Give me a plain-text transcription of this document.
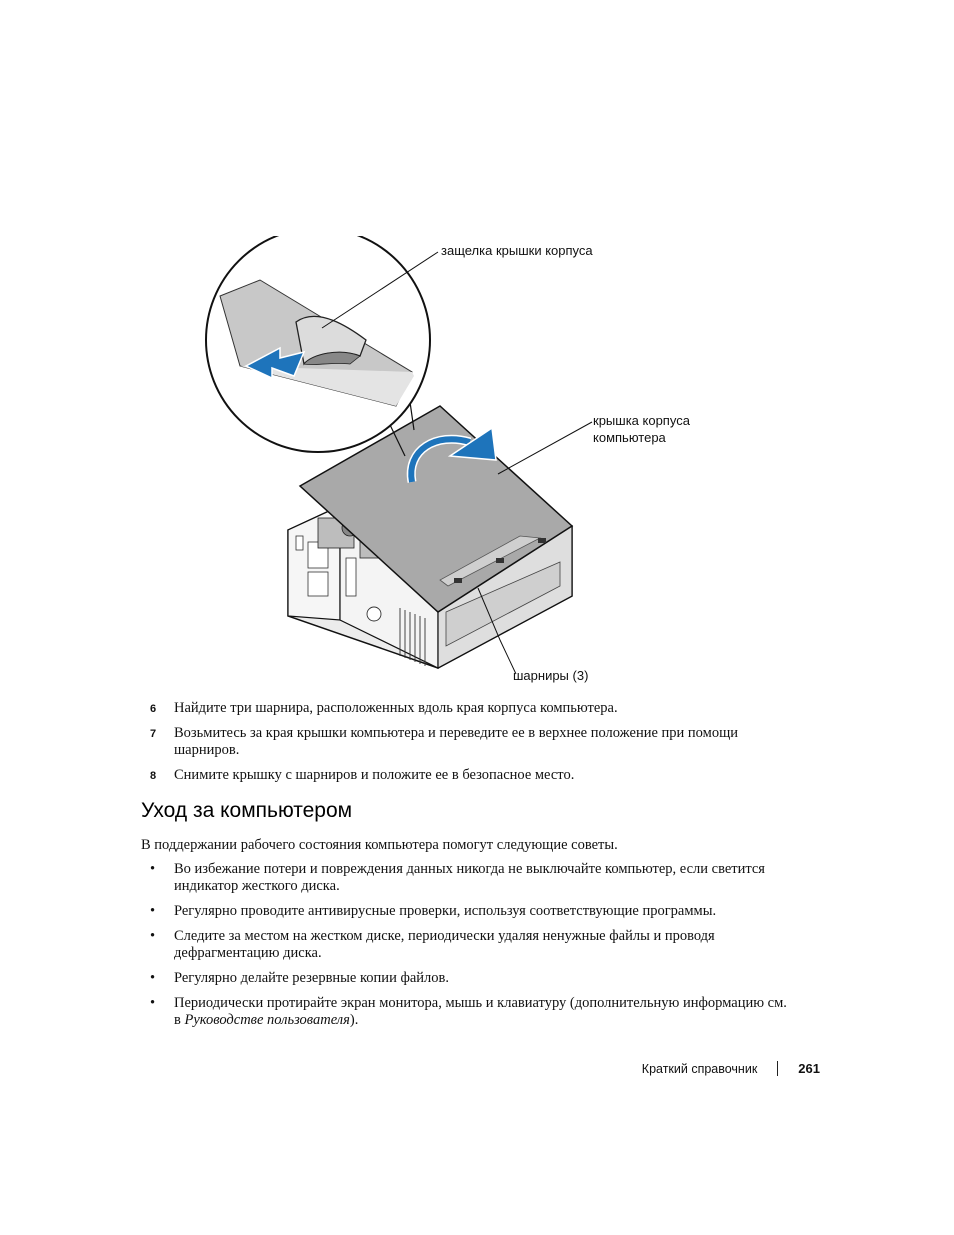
защелка крышки корпуса
крышка корпуса
компьютера
шарниры (3)
6 Найдите три шарнира, расположенных вдоль края корпуса компьютера.
7 Возьмитесь за края крышки компьютера и переведите ее в верхнее положение при помощи шарниров.
8 Снимите крышку с шарниров и положите ее в безопасное место.
Уход за компьютером

В поддержании рабочего состояния компьютера помогут следующие советы.

• Во избежание потери и повреждения данных никогда не выключайте компьютер, если светится индикатор жесткого диска.
• Регулярно проводите антивирусные проверки, используя соответствующие программы.
• Следите за местом на жестком диске, периодически удаляя ненужные файлы и проводя дефрагментацию диска.
• Регулярно делайте резервные копии файлов.
• Периодически протирайте экран монитора, мышь и клавиатуру (дополнительную информацию см. в Руководстве пользователя).
Краткий справочник	261
